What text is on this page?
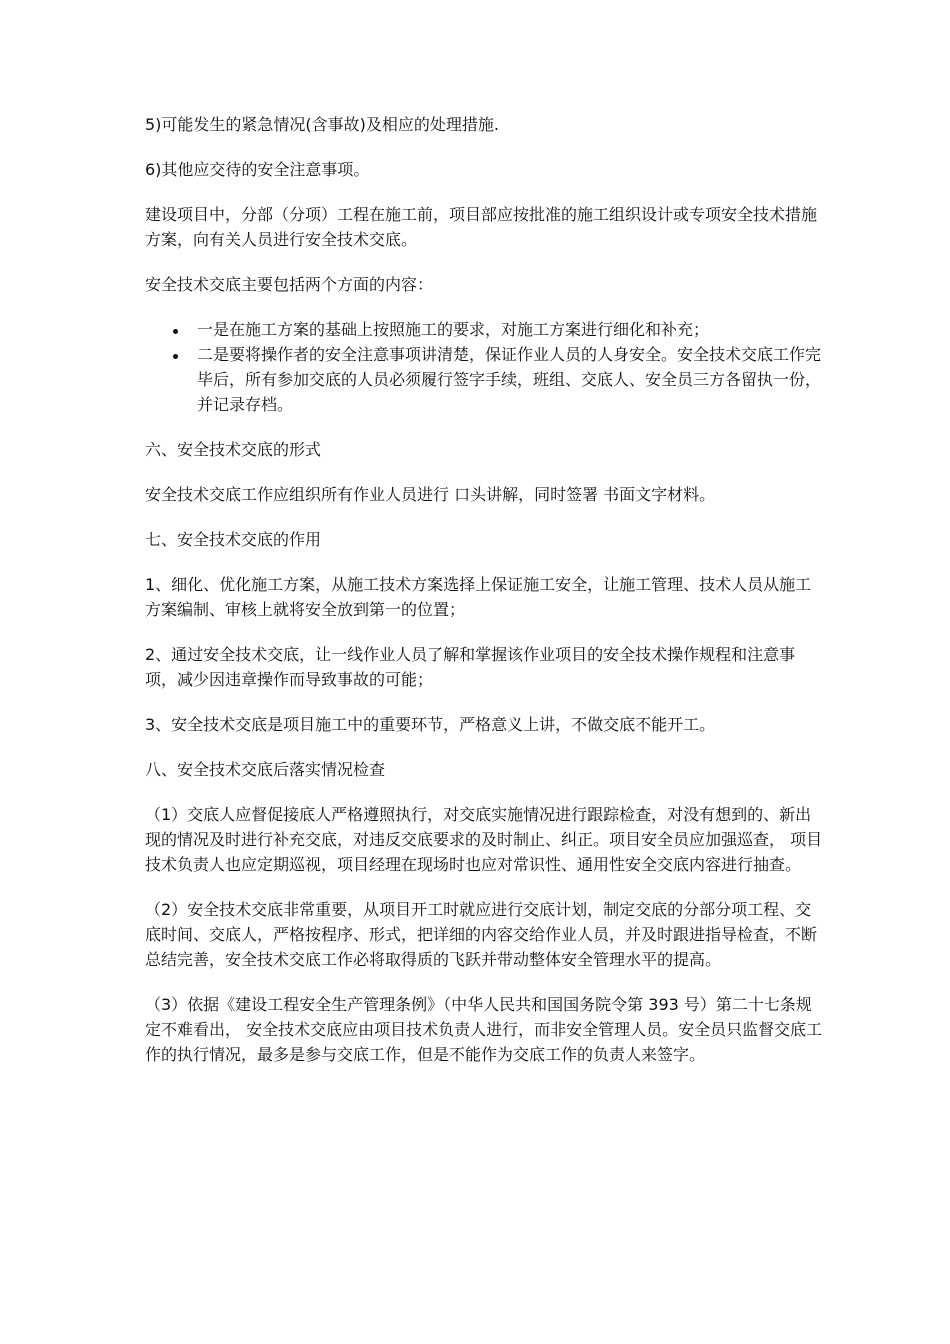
5)可能发生的紧急情况(含事故)及相应的处理措施.

6)其他应交待的安全注意事项。

建设项目中，分部（分项）工程在施工前，项目部应按批准的施工组织设计或专项安全技术措施方案，向有关人员进行安全技术交底。

安全技术交底主要包括两个方面的内容：

一是在施工方案的基础上按照施工的要求，对施工方案进行细化和补充；
二是要将操作者的安全注意事项讲清楚，保证作业人员的人身安全。安全技术交底工作完毕后，所有参加交底的人员必须履行签字手续，班组、交底人、安全员三方各留执一份，并记录存档。

六、安全技术交底的形式

安全技术交底工作应组织所有作业人员进行 口头讲解，同时签署 书面文字材料。

七、安全技术交底的作用

1、细化、优化施工方案，从施工技术方案选择上保证施工安全，让施工管理、技术人员从施工方案编制、审核上就将安全放到第一的位置；

2、通过安全技术交底，让一线作业人员了解和掌握该作业项目的安全技术操作规程和注意事项，减少因违章操作而导致事故的可能；

3、安全技术交底是项目施工中的重要环节，严格意义上讲，不做交底不能开工。

八、安全技术交底后落实情况检查

（1）交底人应督促接底人严格遵照执行，对交底实施情况进行跟踪检查，对没有想到的、新出现的情况及时进行补充交底，对违反交底要求的及时制止、纠正。项目安全员应加强巡查， 项目技术负责人也应定期巡视，项目经理在现场时也应对常识性、通用性安全交底内容进行抽查。

（2）安全技术交底非常重要，从项目开工时就应进行交底计划，制定交底的分部分项工程、交底时间、交底人，严格按程序、形式，把详细的内容交给作业人员，并及时跟进指导检查，不断总结完善，安全技术交底工作必将取得质的飞跃并带动整体安全管理水平的提高。

（3）依据《建设工程安全生产管理条例》（中华人民共和国国务院令第 393 号）第二十七条规定不难看出， 安全技术交底应由项目技术负责人进行，而非安全管理人员。安全员只监督交底工作的执行情况，最多是参与交底工作，但是不能作为交底工作的负责人来签字。
